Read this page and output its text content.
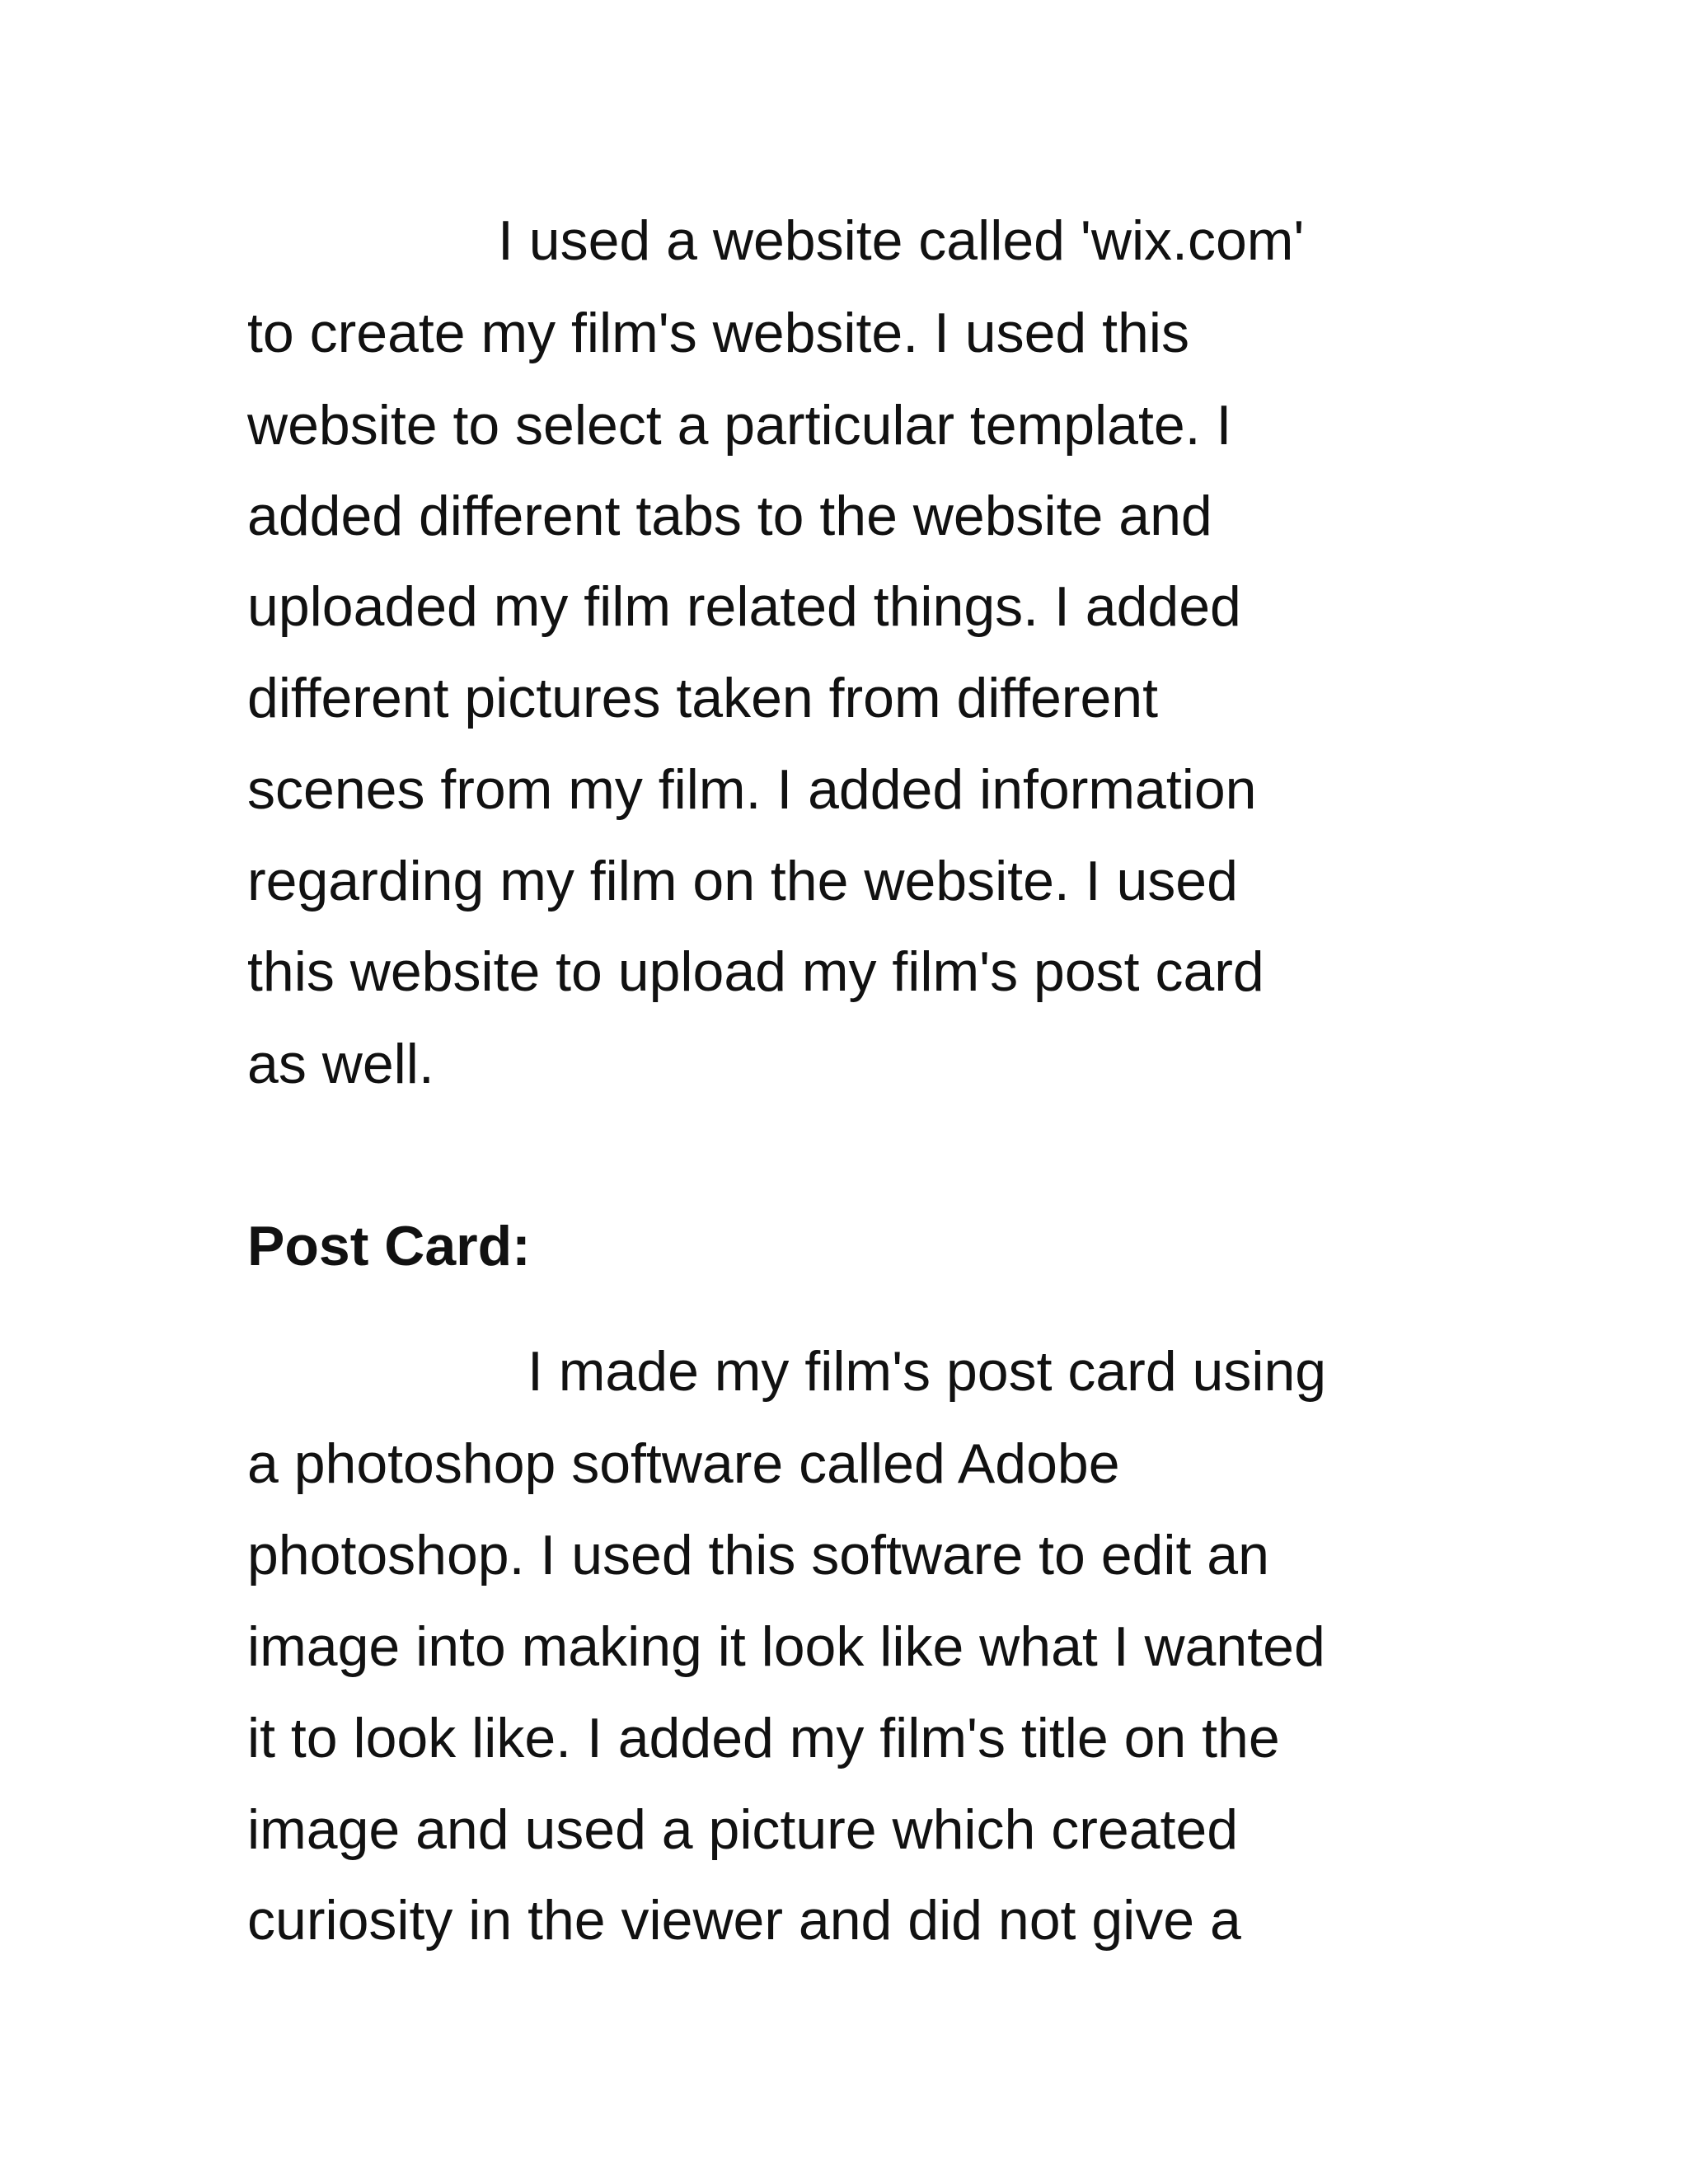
I used a website called 'wix.com'
to create my film's website. I used this
website to select a particular template. I
added different tabs to the website and
uploaded my film related things. I added
different pictures taken from different
scenes from my film. I added information
regarding my film on the website. I used
this website to upload my film's post card
as well.
Post Card:
I made my film's post card using
a photoshop software called Adobe
photoshop. I used this software to edit an
image into making it look like what I wanted
it to look like. I added my film's title on the
image and used a picture which created
curiosity in the viewer and did not give a
